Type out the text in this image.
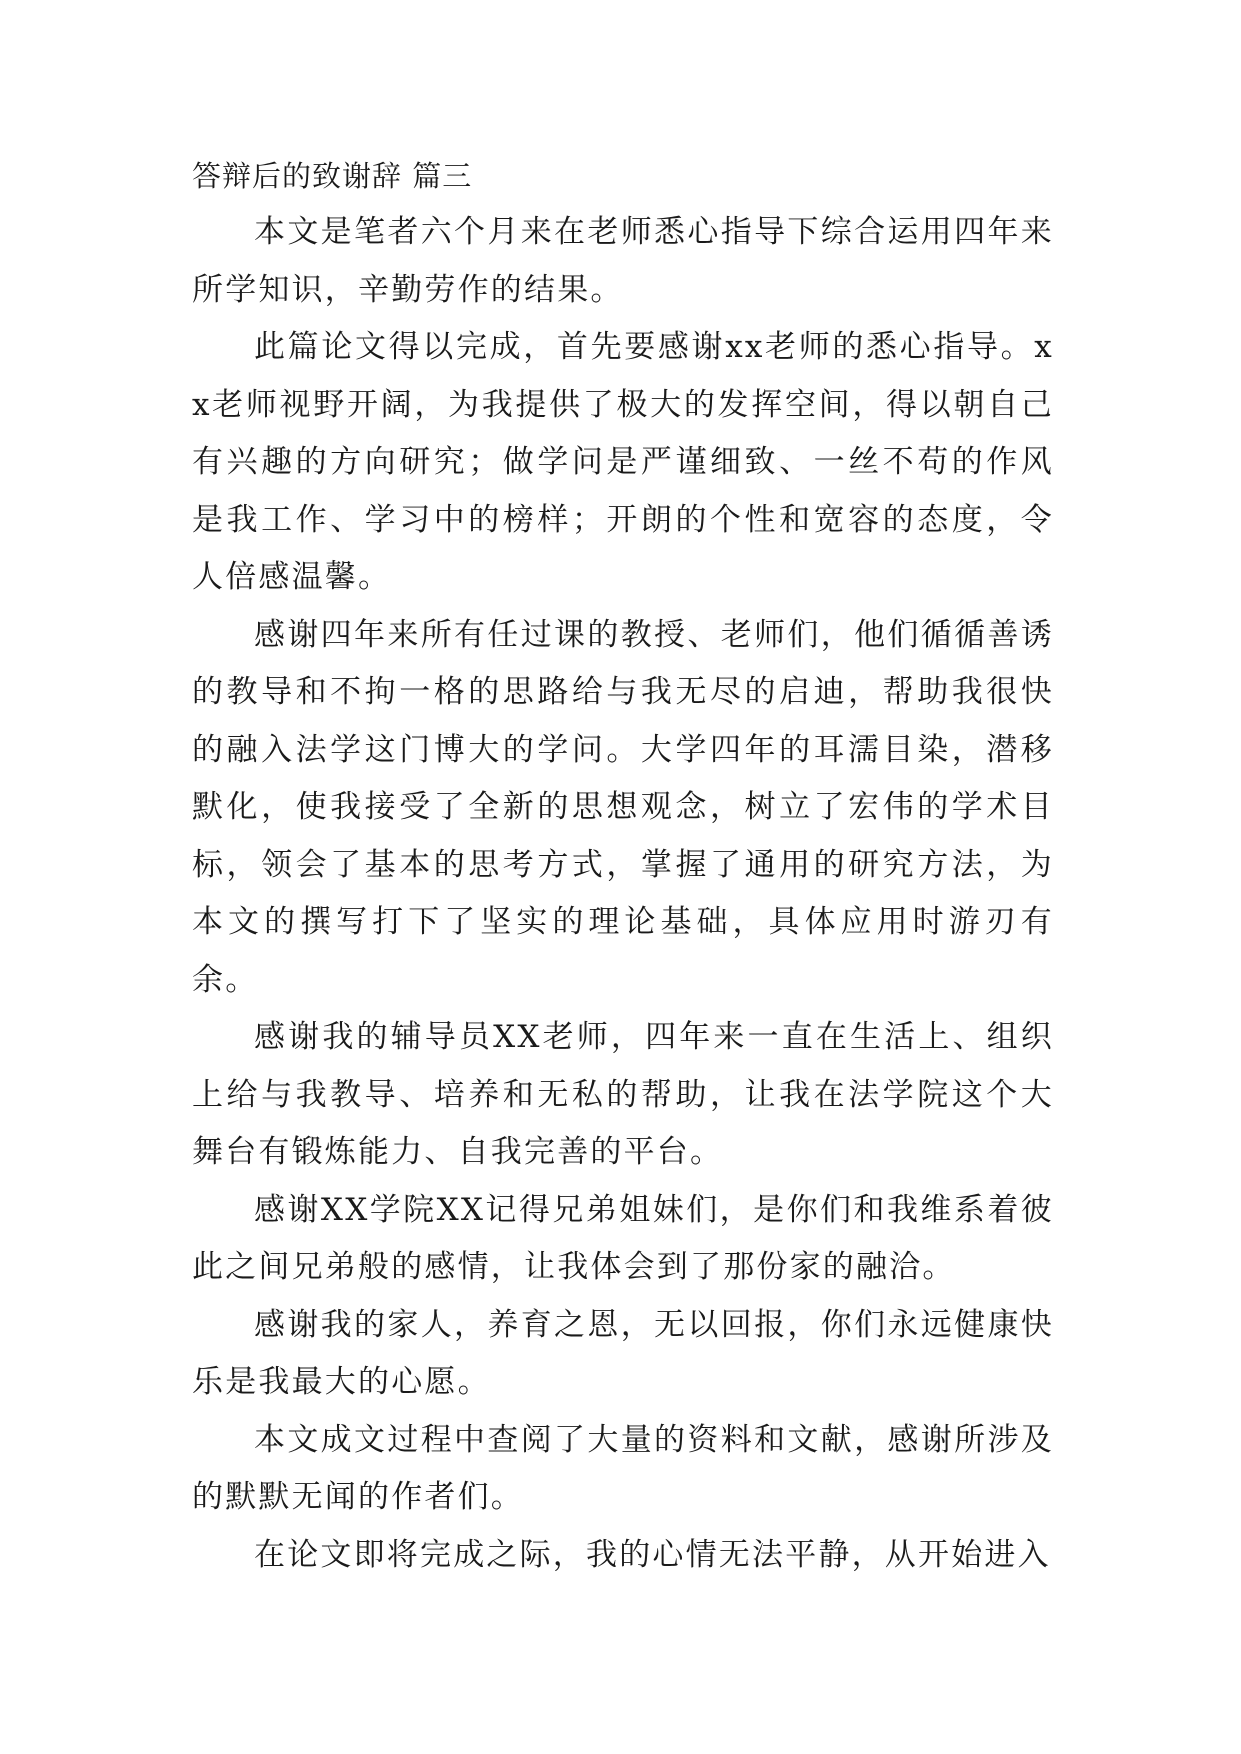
答辩后的致谢辞 篇三

本文是笔者六个月来在老师悉心指导下综合运用四年来所学知识，辛勤劳作的结果。

此篇论文得以完成，首先要感谢xx老师的悉心指导。xx老师视野开阔，为我提供了极大的发挥空间，得以朝自己有兴趣的方向研究；做学问是严谨细致、一丝不苟的作风是我工作、学习中的榜样；开朗的个性和宽容的态度，令人倍感温馨。

感谢四年来所有任过课的教授、老师们，他们循循善诱的教导和不拘一格的思路给与我无尽的启迪，帮助我很快的融入法学这门博大的学问。大学四年的耳濡目染，潜移默化，使我接受了全新的思想观念，树立了宏伟的学术目标，领会了基本的思考方式，掌握了通用的研究方法，为本文的撰写打下了坚实的理论基础，具体应用时游刃有余。

感谢我的辅导员XX老师，四年来一直在生活上、组织上给与我教导、培养和无私的帮助，让我在法学院这个大舞台有锻炼能力、自我完善的平台。

感谢XX学院XX记得兄弟姐妹们，是你们和我维系着彼此之间兄弟般的感情，让我体会到了那份家的融洽。

感谢我的家人，养育之恩，无以回报，你们永远健康快乐是我最大的心愿。

本文成文过程中查阅了大量的资料和文献，感谢所涉及的默默无闻的作者们。

在论文即将完成之际，我的心情无法平静，从开始进入
